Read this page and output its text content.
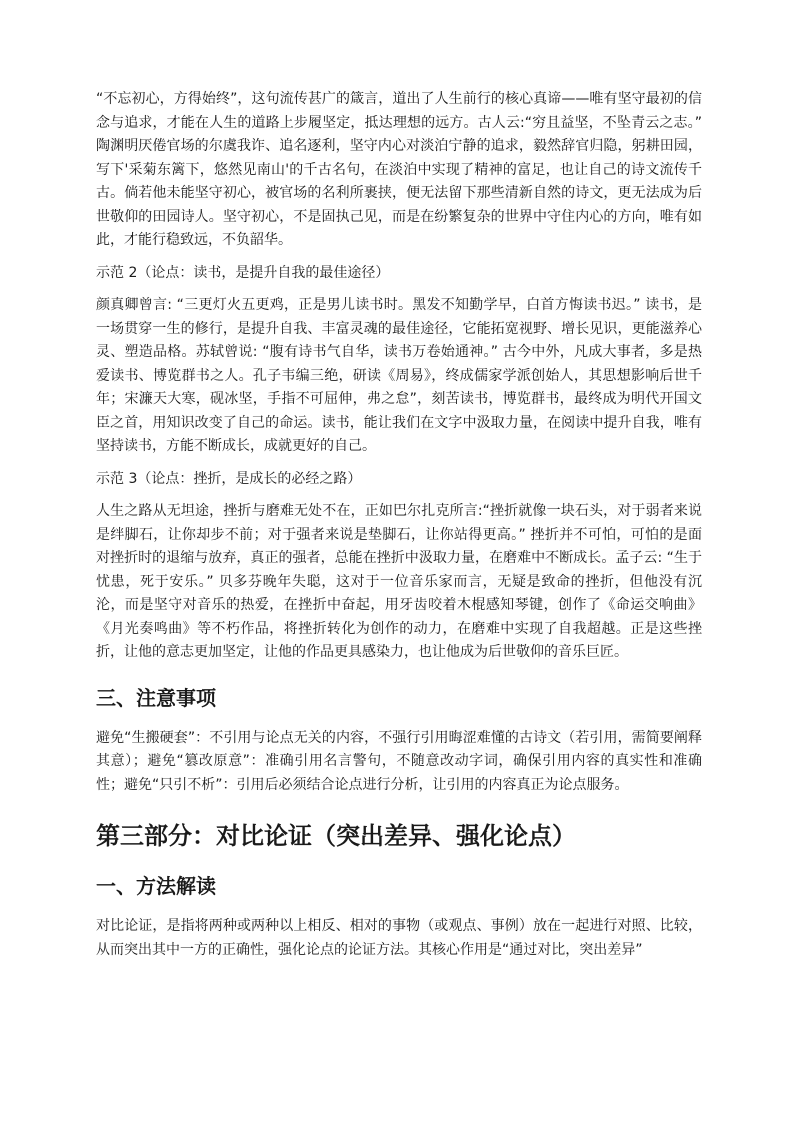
“不忘初心，方得始终”，这句流传甚广的箴言，道出了人生前行的核心真谛——唯有坚守最初的信念与追求，才能在人生的道路上步履坚定，抵达理想的远方。古人云:“穷且益坚，不坠青云之志。” 陶渊明厌倦官场的尔虞我诈、追名逐利，坚守内心对淡泊宁静的追求，毅然辞官归隐，躬耕田园，写下'采菊东篱下，悠然见南山'的千古名句，在淡泊中实现了精神的富足，也让自己的诗文流传千古。倘若他未能坚守初心，被官场的名利所裹挟，便无法留下那些清新自然的诗文，更无法成为后世敬仰的田园诗人。坚守初心，不是固执己见，而是在纷繁复杂的世界中守住内心的方向，唯有如此，才能行稳致远，不负韶华。

示范 2（论点：读书，是提升自我的最佳途径）

颜真卿曾言: “三更灯火五更鸡，正是男儿读书时。黑发不知勤学早，白首方悔读书迟。” 读书，是一场贯穿一生的修行，是提升自我、丰富灵魂的最佳途径，它能拓宽视野、增长见识，更能滋养心灵、塑造品格。苏轼曾说: “腹有诗书气自华，读书万卷始通神。” 古今中外，凡成大事者，多是热爱读书、博览群书之人。孔子韦编三绝，研读《周易》，终成儒家学派创始人，其思想影响后世千年；宋濂天大寒，砚冰坚，手指不可屈伸，弗之怠”，刻苦读书，博览群书，最终成为明代开国文臣之首，用知识改变了自己的命运。读书，能让我们在文字中汲取力量，在阅读中提升自我，唯有坚持读书，方能不断成长，成就更好的自己。

示范 3（论点：挫折，是成长的必经之路）

人生之路从无坦途，挫折与磨难无处不在，正如巴尔扎克所言:“挫折就像一块石头，对于弱者来说是绊脚石，让你却步不前；对于强者来说是垫脚石，让你站得更高。” 挫折并不可怕，可怕的是面对挫折时的退缩与放弃，真正的强者，总能在挫折中汲取力量，在磨难中不断成长。孟子云: “生于忧患，死于安乐。” 贝多芬晚年失聪，这对于一位音乐家而言，无疑是致命的挫折，但他没有沉沦，而是坚守对音乐的热爱，在挫折中奋起，用牙齿咬着木棍感知琴键，创作了《命运交响曲》《月光奏鸣曲》等不朽作品，将挫折转化为创作的动力，在磨难中实现了自我超越。正是这些挫折，让他的意志更加坚定，让他的作品更具感染力，也让他成为后世敬仰的音乐巨匠。

三、注意事项

避免“生搬硬套”：不引用与论点无关的内容，不强行引用晦涩难懂的古诗文（若引用，需简要阐释其意）；避免“篡改原意”：准确引用名言警句，不随意改动字词，确保引用内容的真实性和准确性；避免“只引不析”：引用后必须结合论点进行分析，让引用的内容真正为论点服务。

第三部分：对比论证（突出差异、强化论点）
一、方法解读

对比论证，是指将两种或两种以上相反、相对的事物（或观点、事例）放在一起进行对照、比较，从而突出其中一方的正确性，强化论点的论证方法。其核心作用是“通过对比，突出差异”
